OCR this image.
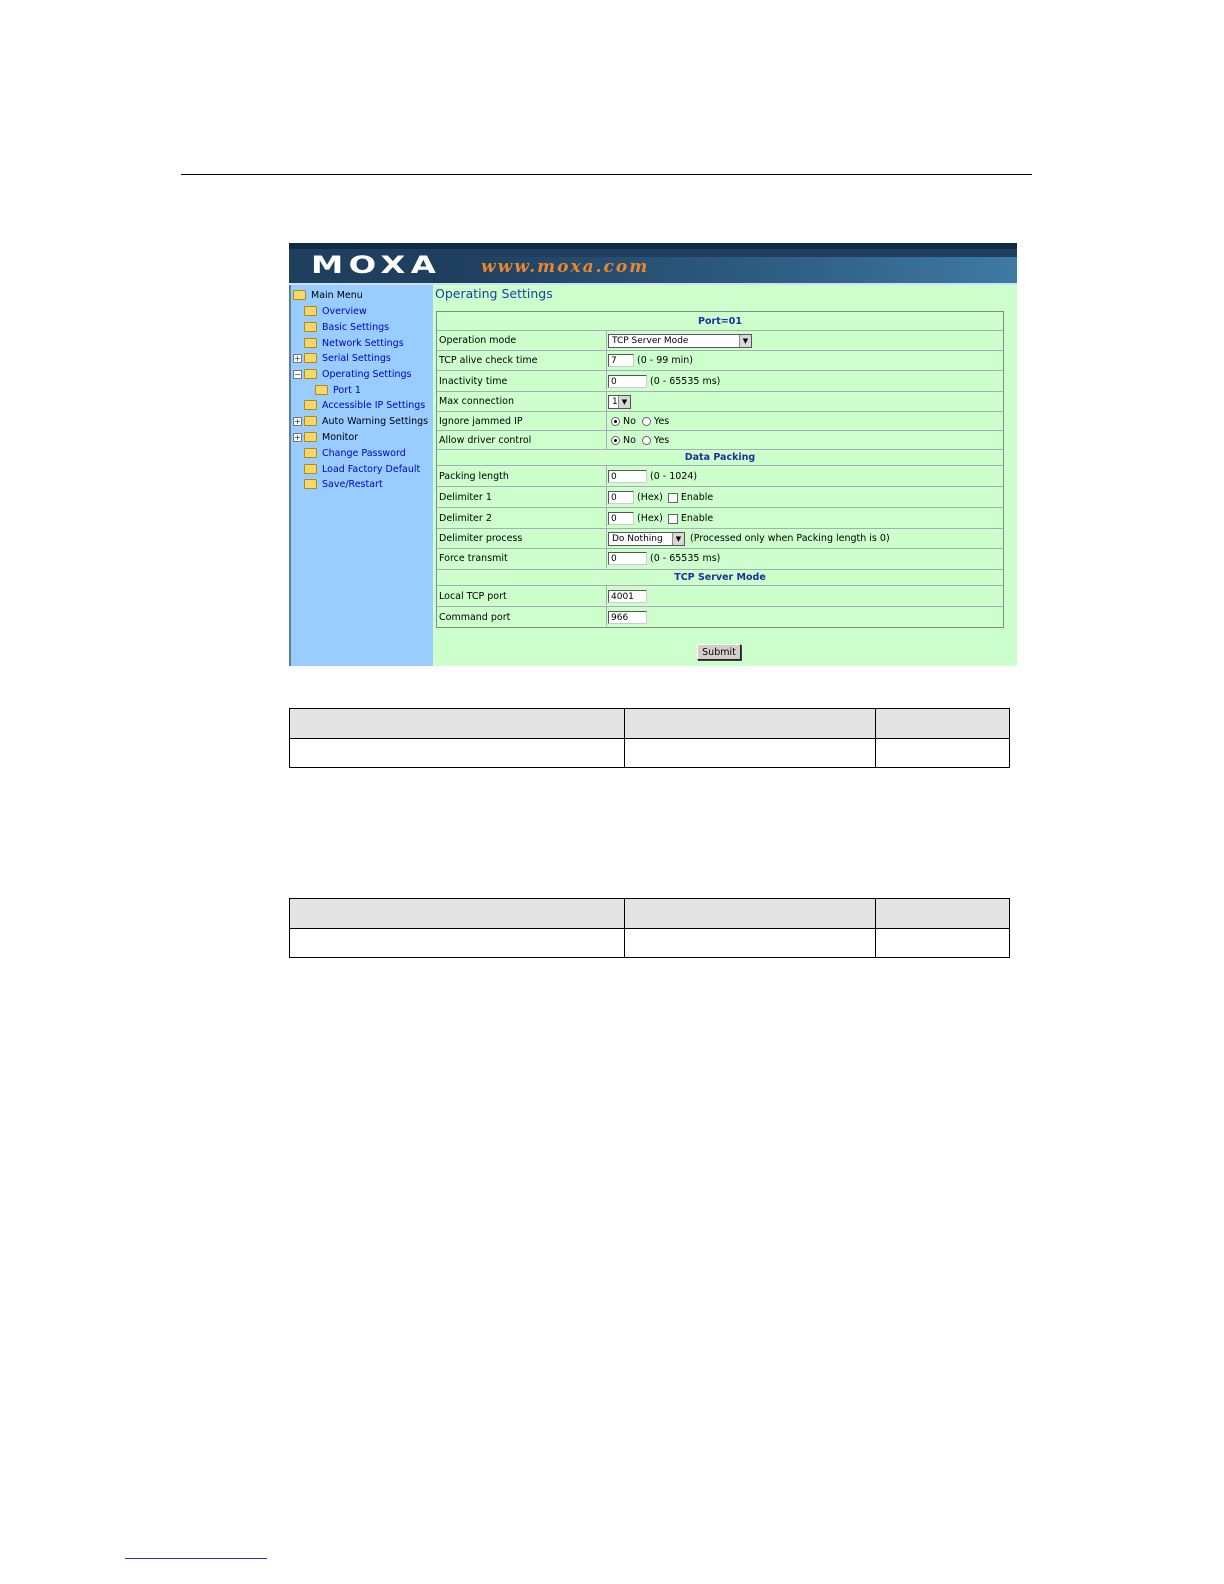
MOXA www.moxa.com
Main Menu
Overview
Basic Settings
Network Settings
+ Serial Settings
− Operating Settings
Port 1
Accessible IP Settings
+ Auto Warning Settings
+ Monitor
Change Password
Load Factory Default
Save/Restart
Operating Settings
Port=01
Operation mode	TCP Server Mode	▼
TCP alive check time	7	(0 - 99 min)
Inactivity time	0	(0 - 65535 ms)
Max connection	1 ▼
Ignore jammed IP	No Yes
Allow driver control	No Yes
Data Packing
Packing length	0	(0 - 1024)
Delimiter 1	0	(Hex) Enable
Delimiter 2	0	(Hex) Enable
Delimiter process	Do Nothing	▼ (Processed only when Packing length is 0)
Force transmit	0	(0 - 65535 ms)
TCP Server Mode
Local TCP port	4001
Command port	966
Submit
